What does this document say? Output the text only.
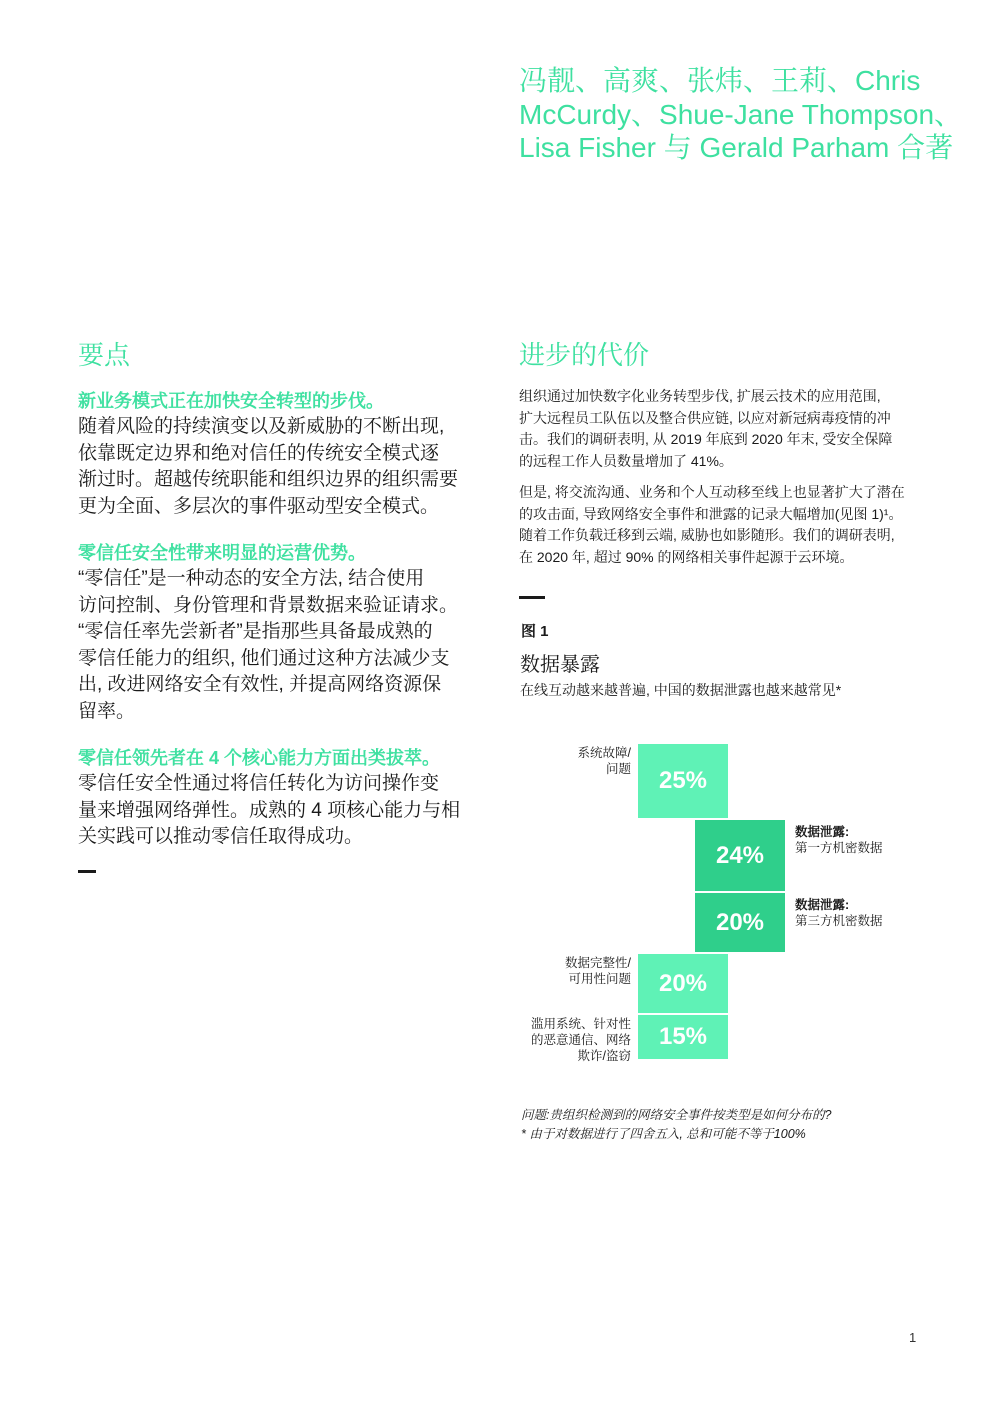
冯靓、高爽、张炜、王莉、Chris
McCurdy、Shue-Jane Thompson、
Lisa Fisher 与 Gerald Parham 合著
要点
新业务模式正在加快安全转型的步伐。
随着风险的持续演变以及新威胁的不断出现,
依靠既定边界和绝对信任的传统安全模式逐
渐过时。超越传统职能和组织边界的组织需要
更为全面、多层次的事件驱动型安全模式。
零信任安全性带来明显的运营优势。
“零信任”是一种动态的安全方法, 结合使用
访问控制、身份管理和背景数据来验证请求。
“零信任率先尝新者”是指那些具备最成熟的
零信任能力的组织, 他们通过这种方法减少支
出, 改进网络安全有效性, 并提高网络资源保
留率。
零信任领先者在 4 个核心能力方面出类拔萃。
零信任安全性通过将信任转化为访问操作变
量来增强网络弹性。成熟的 4 项核心能力与相
关实践可以推动零信任取得成功。
进步的代价
组织通过加快数字化业务转型步伐, 扩展云技术的应用范围,
扩大远程员工队伍以及整合供应链, 以应对新冠病毒疫情的冲
击。我们的调研表明, 从 2019 年底到 2020 年末, 受安全保障
的远程工作人员数量增加了 41%。
但是, 将交流沟通、业务和个人互动移至线上也显著扩大了潜在
的攻击面, 导致网络安全事件和泄露的记录大幅增加(见图 1)¹。
随着工作负载迁移到云端, 威胁也如影随形。我们的调研表明,
在 2020 年, 超过 90% 的网络相关事件起源于云环境。
图 1
数据暴露
在线互动越来越普遍, 中国的数据泄露也越来越常见*
25%
系统故障/
问题
24%
数据泄露:
第一方机密数据
20%
数据泄露:
第三方机密数据
20%
数据完整性/
可用性问题
15%
滥用系统、针对性
的恶意通信、网络
欺诈/盗窃
问题:贵组织检测到的网络安全事件按类型是如何分布的?
* 由于对数据进行了四舍五入, 总和可能不等于100%
1
